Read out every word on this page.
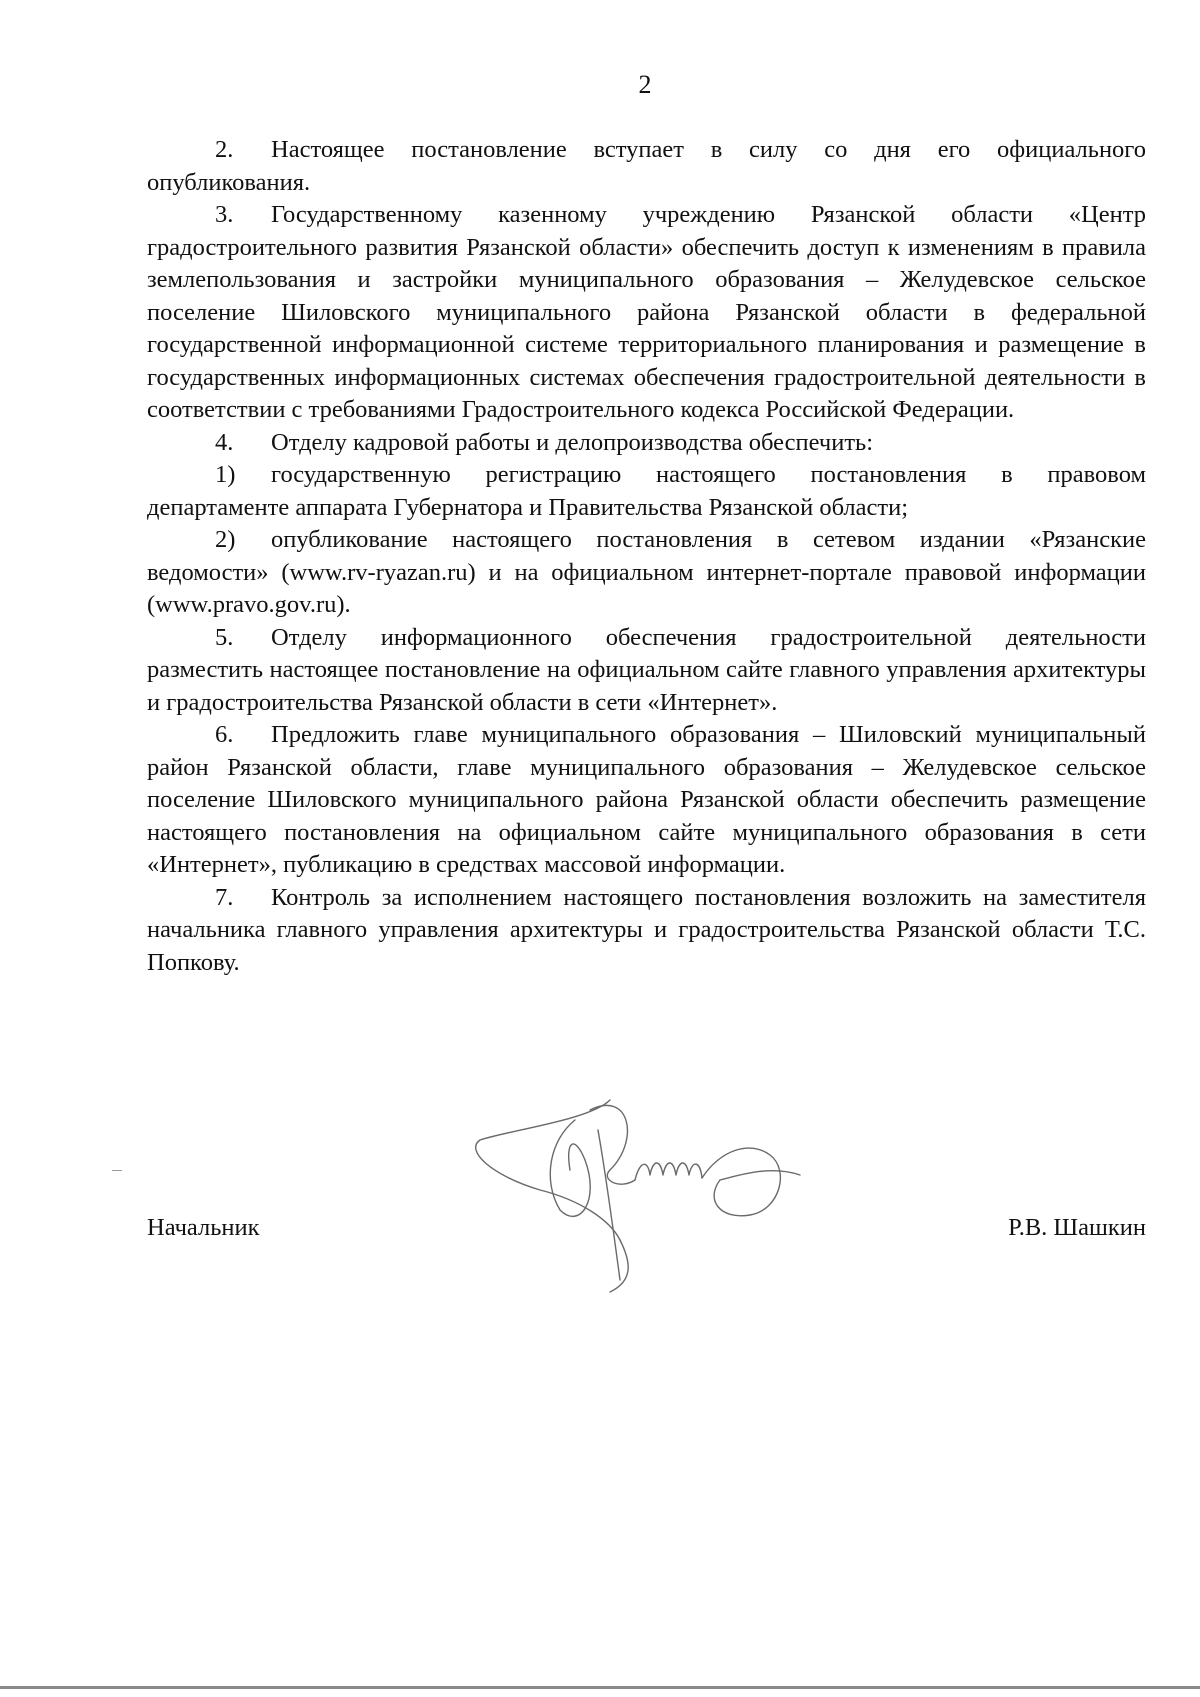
2

2. Настоящее постановление вступает в силу со дня его официального опубликования.

3. Государственному казенному учреждению Рязанской области «Центр градостроительного развития Рязанской области» обеспечить доступ к изменениям в правила землепользования и застройки муниципального образования – Желудевское сельское поселение Шиловского муниципального района Рязанской области в федеральной государственной информационной системе территориального планирования и размещение в государственных информационных системах обеспечения градостроительной деятельности в соответствии с требованиями Градостроительного кодекса Российской Федерации.

4. Отделу кадровой работы и делопроизводства обеспечить:

1) государственную регистрацию настоящего постановления в правовом департаменте аппарата Губернатора и Правительства Рязанской области;

2) опубликование настоящего постановления в сетевом издании «Рязанские ведомости» (www.rv-ryazan.ru) и на официальном интернет-портале правовой информации (www.pravo.gov.ru).

5. Отделу информационного обеспечения градостроительной деятельности разместить настоящее постановление на официальном сайте главного управления архитектуры и градостроительства Рязанской области в сети «Интернет».

6. Предложить главе муниципального образования – Шиловский муниципальный район Рязанской области, главе муниципального образования – Желудевское сельское поселение Шиловского муниципального района Рязанской области обеспечить размещение настоящего постановления на официальном сайте муниципального образования в сети «Интернет», публикацию в средствах массовой информации.

7. Контроль за исполнением настоящего постановления возложить на заместителя начальника главного управления архитектуры и градостроительства Рязанской области Т.С. Попкову.

Начальник	Р.В. Шашкин
